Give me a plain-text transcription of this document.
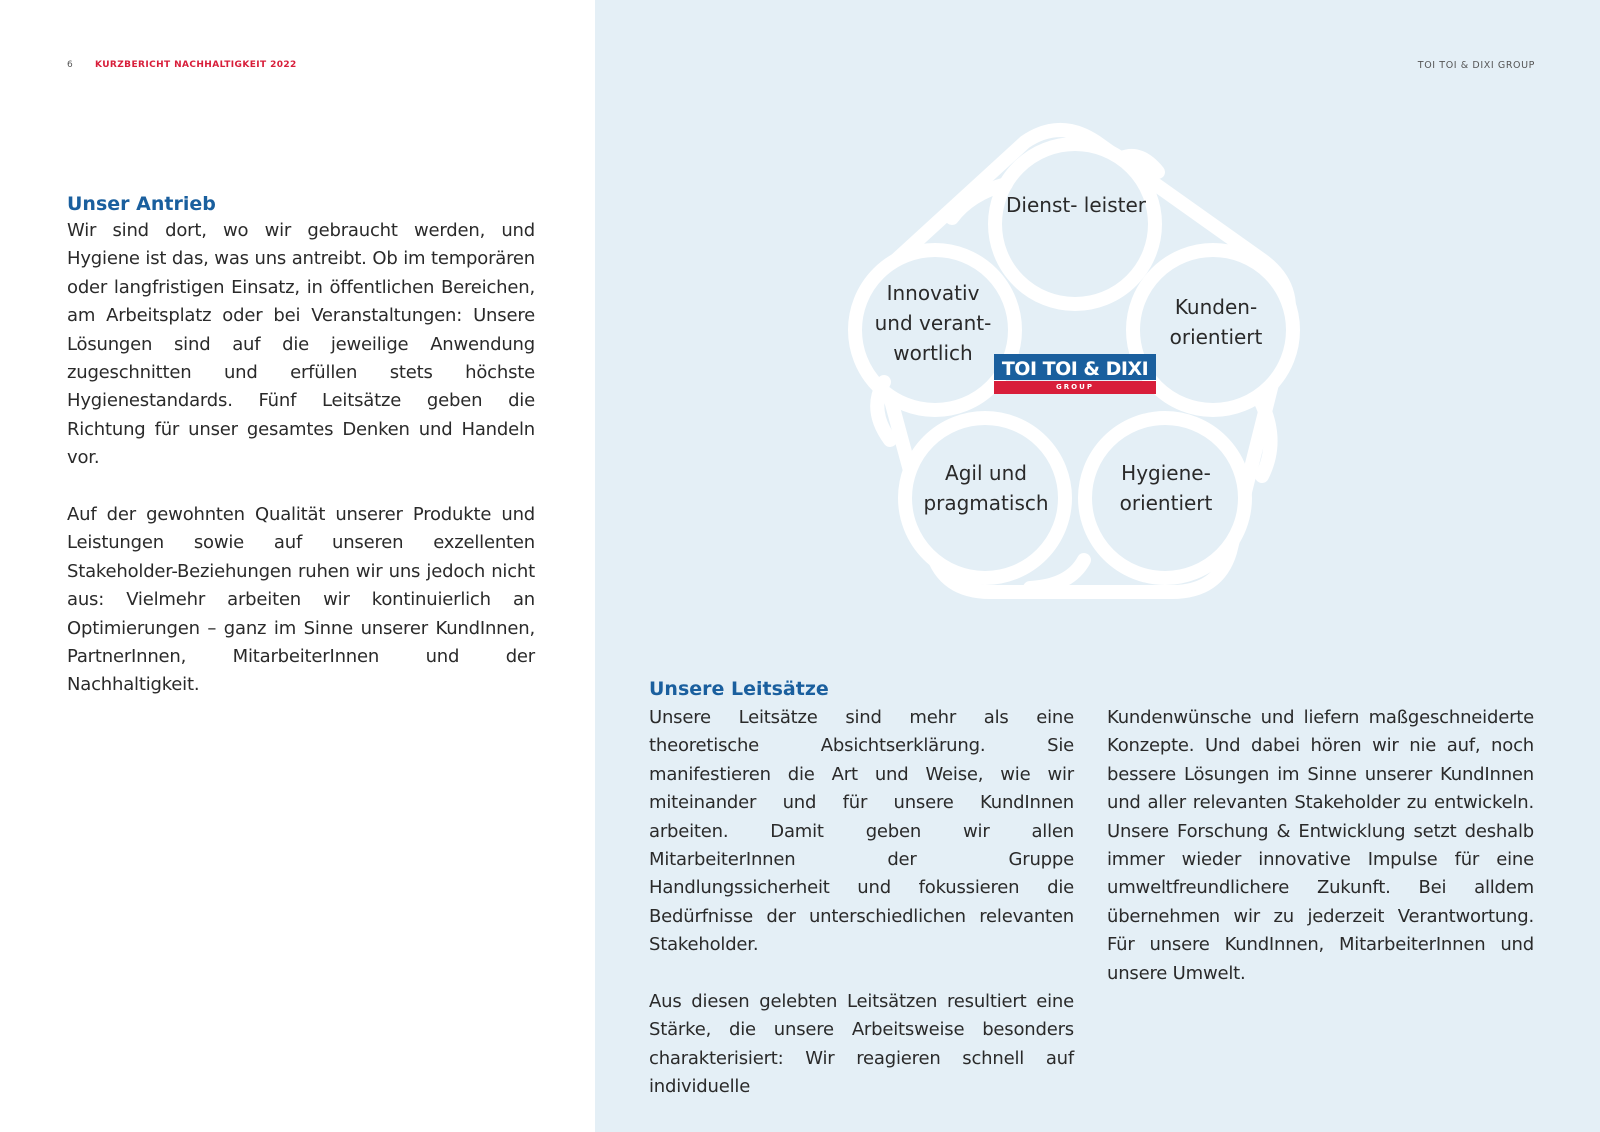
6 KURZBERICHT NACHHALTIGKEIT 2022	TOI TOI & DIXI GROUP
Unser Antrieb

Wir sind dort, wo wir gebraucht werden, und Hygiene ist das, was uns antreibt. Ob im temporären oder langfristigen Einsatz, in öffentlichen Bereichen, am Arbeitsplatz oder bei Veranstaltungen: Unsere Lösungen sind auf die jeweilige Anwendung zugeschnitten und erfüllen stets höchste Hygienestandards. Fünf Leitsätze geben die Richtung für unser gesamtes Denken und Handeln vor.

Auf der gewohnten Qualität unserer Produkte und Leistungen sowie auf unseren exzellenten Stakeholder-Beziehungen ruhen wir uns jedoch nicht aus: Vielmehr arbeiten wir kontinuierlich an Optimierungen – ganz im Sinne unserer KundInnen, PartnerInnen, MitarbeiterInnen und der Nachhaltigkeit.

Dienst- leister
Kunden- orientiert
Hygiene- orientiert
Agil und pragmatisch
Innovativ und verant- wortlich
TOI TOI & DIXI
GROUP
Unsere Leitsätze

Unsere Leitsätze sind mehr als eine theoretische Absichtserklärung. Sie manifestieren die Art und Weise, wie wir miteinander und für unsere KundInnen arbeiten. Damit geben wir allen MitarbeiterInnen der Gruppe Handlungssicherheit und fokussieren die Bedürfnisse der unterschiedlichen relevanten Stakeholder.

Aus diesen gelebten Leitsätzen resultiert eine Stärke, die unsere Arbeitsweise besonders charakterisiert: Wir reagieren schnell auf individuelle

Kundenwünsche und liefern maßgeschneiderte Konzepte. Und dabei hören wir nie auf, noch bessere Lösungen im Sinne unserer KundInnen und aller relevanten Stakeholder zu entwickeln. Unsere Forschung & Entwicklung setzt deshalb immer wieder innovative Impulse für eine umweltfreundlichere Zukunft. Bei alldem übernehmen wir zu jederzeit Verantwortung. Für unsere KundInnen, MitarbeiterInnen und unsere Umwelt.
